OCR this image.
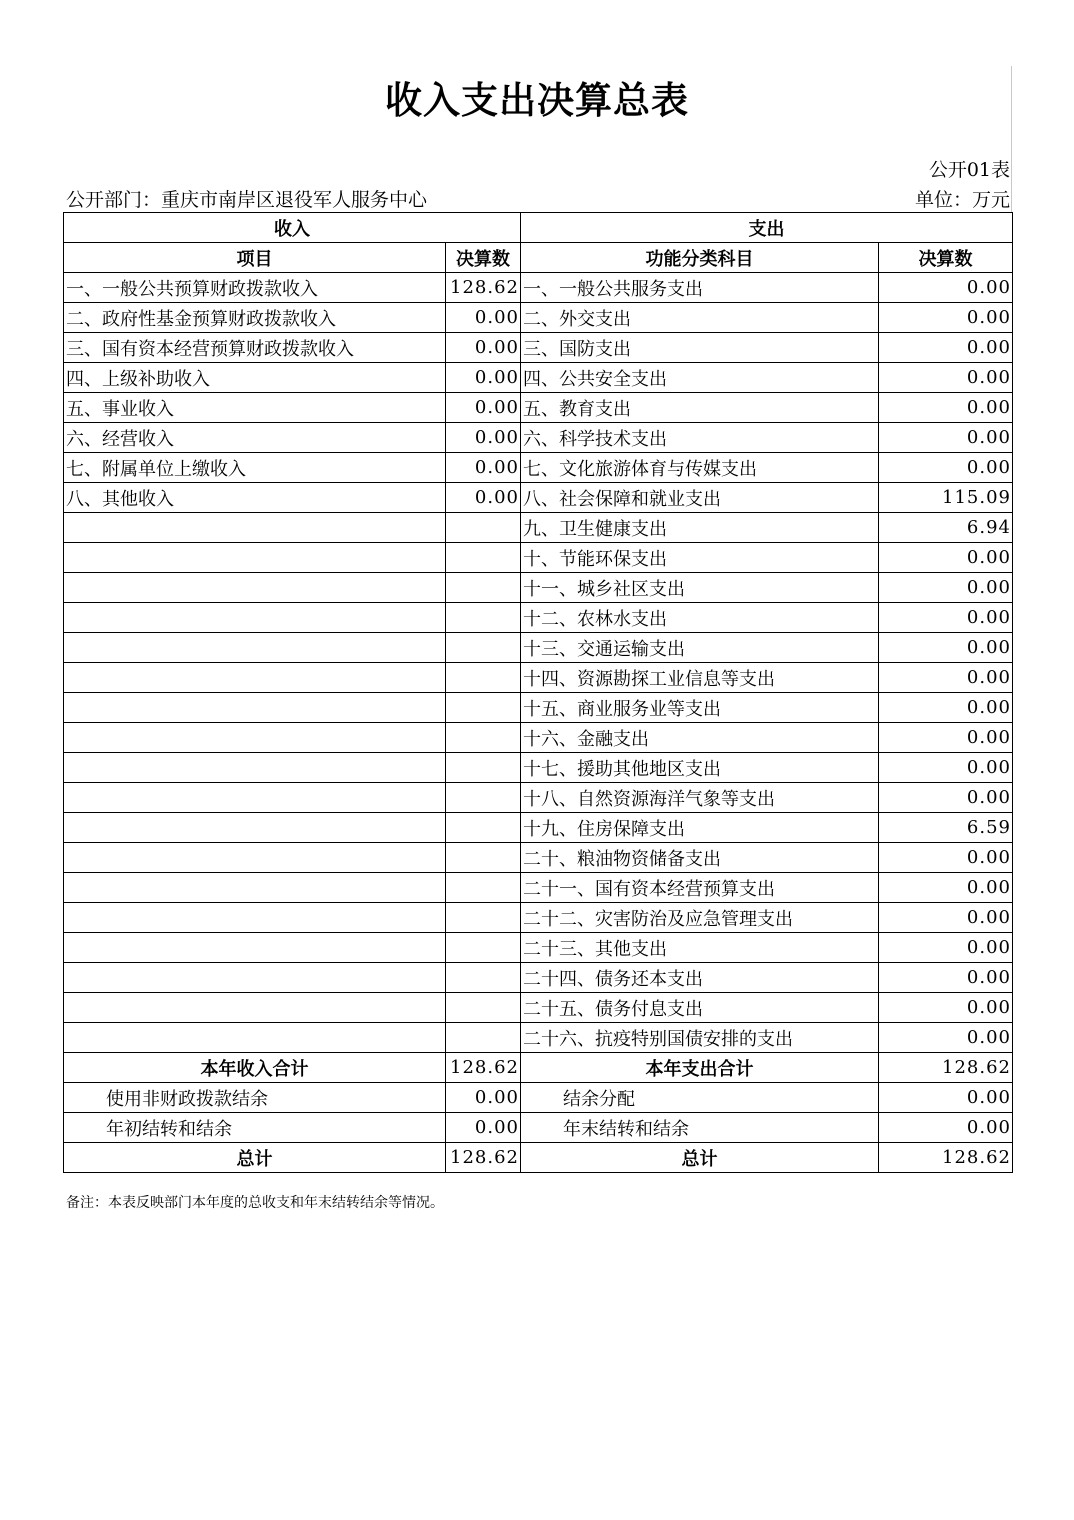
收入支出决算总表
公开01表
公开部门：重庆市南岸区退役军人服务中心	单位：万元
收入		支出	
项目	决算数	功能分类科目	决算数
一、一般公共预算财政拨款收入	128.62	一、一般公共服务支出	0.00
二、政府性基金预算财政拨款收入	0.00	二、外交支出	0.00
三、国有资本经营预算财政拨款收入	0.00	三、国防支出	0.00
四、上级补助收入	0.00	四、公共安全支出	0.00
五、事业收入	0.00	五、教育支出	0.00
六、经营收入	0.00	六、科学技术支出	0.00
七、附属单位上缴收入	0.00	七、文化旅游体育与传媒支出	0.00
八、其他收入	0.00	八、社会保障和就业支出	115.09
		九、卫生健康支出	6.94
		十、节能环保支出	0.00
		十一、城乡社区支出	0.00
		十二、农林水支出	0.00
		十三、交通运输支出	0.00
		十四、资源勘探工业信息等支出	0.00
		十五、商业服务业等支出	0.00
		十六、金融支出	0.00
		十七、援助其他地区支出	0.00
		十八、自然资源海洋气象等支出	0.00
		十九、住房保障支出	6.59
		二十、粮油物资储备支出	0.00
		二十一、国有资本经营预算支出	0.00
		二十二、灾害防治及应急管理支出	0.00
		二十三、其他支出	0.00
		二十四、债务还本支出	0.00
		二十五、债务付息支出	0.00
		二十六、抗疫特别国债安排的支出	0.00
本年收入合计	128.62	本年支出合计	128.62
使用非财政拨款结余	0.00	结余分配	0.00
年初结转和结余	0.00	年末结转和结余	0.00
总计	128.62	总计	128.62
备注：本表反映部门本年度的总收支和年末结转结余等情况。
